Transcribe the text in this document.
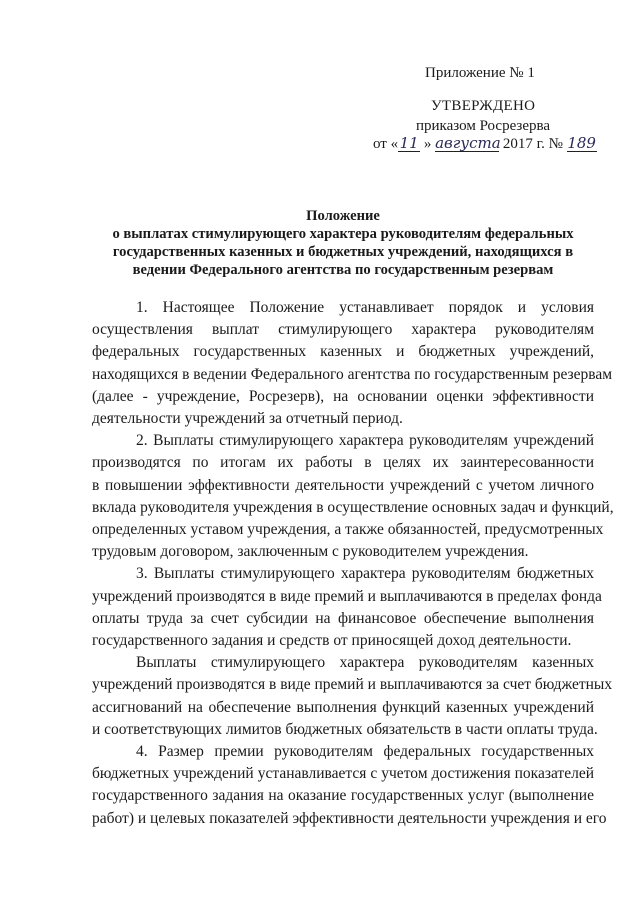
Приложение № 1
УТВЕРЖДЕНО
приказом Росрезерва
от «11 » августа 2017 г. № 189
Положение
о выплатах стимулирующего характера руководителям федеральных
государственных казенных и бюджетных учреждений, находящихся в
ведении Федерального агентства по государственным резервам
1. Настоящее Положение устанавливает порядок и условия
осуществления выплат стимулирующего характера руководителям
федеральных государственных казенных и бюджетных учреждений,
находящихся в ведении Федерального агентства по государственным резервам
(далее - учреждение, Росрезерв), на основании оценки эффективности
деятельности учреждений за отчетный период.
2. Выплаты стимулирующего характера руководителям учреждений
производятся по итогам их работы в целях их заинтересованности
в повышении эффективности деятельности учреждений с учетом личного
вклада руководителя учреждения в осуществление основных задач и функций,
определенных уставом учреждения, а также обязанностей, предусмотренных
трудовым договором, заключенным с руководителем учреждения.
3. Выплаты стимулирующего характера руководителям бюджетных
учреждений производятся в виде премий и выплачиваются в пределах фонда
оплаты труда за счет субсидии на финансовое обеспечение выполнения
государственного задания и средств от приносящей доход деятельности.
Выплаты стимулирующего характера руководителям казенных
учреждений производятся в виде премий и выплачиваются за счет бюджетных
ассигнований на обеспечение выполнения функций казенных учреждений
и соответствующих лимитов бюджетных обязательств в части оплаты труда.
4. Размер премии руководителям федеральных государственных
бюджетных учреждений устанавливается с учетом достижения показателей
государственного задания на оказание государственных услуг (выполнение
работ) и целевых показателей эффективности деятельности учреждения и его
